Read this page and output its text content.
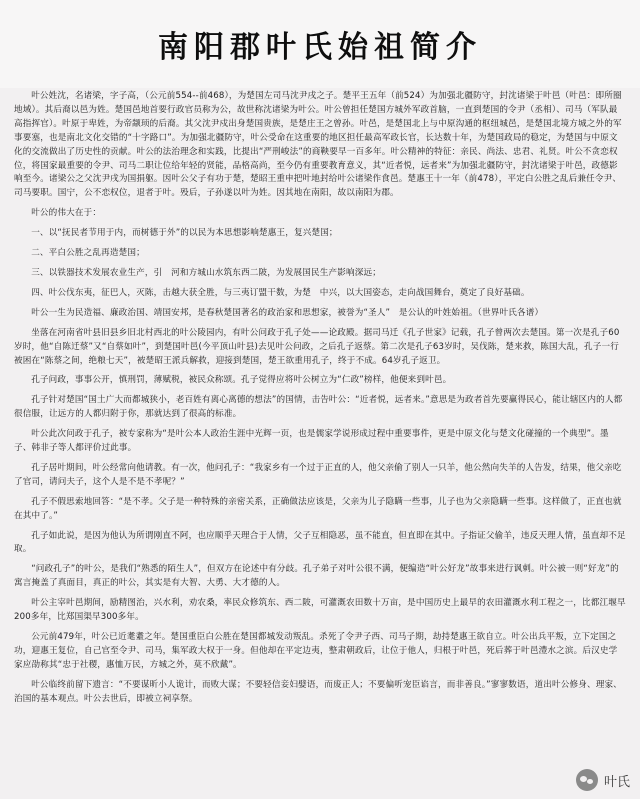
南阳郡叶氏始祖简介

叶公姓沈，名诸梁，字子高，（公元前554--前468），为楚国左司马沈尹戌之子。楚平王五年（前524）为加强北疆防守，封沈诸梁于叶邑（叶邑：即所圈地域）。其后裔以邑为姓。楚国邑地首要行政官员称为公，故世称沈诸梁为叶公。叶公曾担任楚国方城外军政首脑，一直到楚国的令尹（丞相）、司马（军队最高指挥官）。叶原于卑姓，为帝颛顼的后裔。其父沈尹戍出身楚国贵族，是楚庄王之曾孙。叶邑，是楚国北上与中原沟通的枢纽城邑，是楚国北境方城之外的军事要塞，也是南北文化交错的“十字路口”。为加强北疆防守，叶公受命在这重要的地区担任最高军政长官，长达数十年，为楚国政局的稳定，为楚国与中原文化的交流做出了历史性的贡献。叶公的法治理念和实践，比提出“严刑峻法”的商鞅要早一百多年。叶公精神的特征：亲民、尚法、忠君、礼贤。叶公不贪恋权位，将国家最重要的令尹、司马二职让位给年轻的贤能，品格高尚，至今仍有重要教育意义，其“近者悦，远者来”为加强北疆防守，封沈诸梁于叶邑，政德影响至今。诸梁公之父沈尹戌为国捐躯。因叶公父子有功于楚，楚昭王重申把叶地封给叶公诸梁作食邑。楚惠王十一年（前478），平定白公胜之乱后兼任令尹、司马要职。国宁，公不恋权位，退者于叶。殁后，子孙遂以叶为姓。因其地在南阳，故以南阳为郡。

叶公的伟大在于：

一、以“抚民者节用于内，而树德于外”的以民为本思想影响楚惠王，复兴楚国；

二、平白公胜之乱再造楚国；

三、以铁器技术发展农业生产，引　河和方城山水筑东西二陂，为发展国民生产影响深远；

四、叶公伐东夷，征巴人，灭陈，击越大获全胜，与三夷订盟干数，为楚　中兴，以大国姿态，走向战国舞台，奠定了良好基础。

叶公一生为民造福、廉政治国、靖国安邦，是春秋楚国著名的政治家和思想家，被誉为“圣人”　是公认的叶姓始祖。（世界叶氏各谱）

坐落在河南省叶县旧县乡旧北村西北的叶公陵园内，有叶公问政于孔子处——论政殿。据司马迁《孔子世家》记载，孔子曾两次去楚国。第一次是孔子60岁时，他“自陈迁蔡”又“自蔡如叶”，到楚国叶邑(今平顶山叶县)去见叶公问政，之后孔子返蔡。第二次是孔子63岁时，吴伐陈，楚来救，陈国大乱，孔子一行被困在“陈蔡之间，绝粮七天”，被楚昭王派兵解救，迎接到楚国，楚王欲重用孔子，终于不成。64岁孔子返卫。

孔子问政，事事公开，慎刑罚，薄赋税，被民众称颂。孔子觉得应将叶公树立为“仁政”榜样，他便来到叶邑。

孔子针对楚国“国土广大而都城狭小，老百姓有离心离德的想法”的国情，击告叶公：“近者悦，远者来。”意思是为政者首先要赢得民心，能让辖区内的人都很信服，让远方的人都归附于你，那就达到了很高的标准。

叶公此次问政于孔子，被专家称为“是叶公本人政治生涯中光辉一页，也是儒家学说形成过程中重要事件，更是中原文化与楚文化碰撞的一个典型”。墨子、韩非子等人都评价过此事。

孔子居叶期间，叶公经常向他请教。有一次，他问孔子：“我家乡有一个过于正直的人，他父亲偷了别人一只羊，他公然向失羊的人告发，结果，他父亲吃了官司，请问夫子，这个人是不是不孝呢？”

孔子不假思索地回答：“是不孝。父子是一种特殊的亲密关系，正确做法应该是，父亲为儿子隐瞒一些事，儿子也为父亲隐瞒一些事。这样做了，正直也就在其中了。”

孔子如此说，是因为他认为所谓刚直不阿，也应顺乎天理合于人情，父子互相隐恶，虽不能直，但直即在其中。子指证父偷羊，违反天理人情，虽直却不足取。

“问政孔子”的叶公，是我们“熟悉的陌生人”，但双方在论述中有分歧。孔子弟子对叶公很不满，便编造“叶公好龙”故事来进行讽刺。叶公被一则“好龙”的寓言掩盖了真面目，真正的叶公，其实是有大智、大勇、大才德的人。

叶公主宰叶邑期间，励精图治，兴水利，劝农桑，率民众修筑东、西二陂，可灌溉农田数十万亩，是中国历史上最早的农田灌溉水利工程之一，比都江堰早200多年，比郑国渠早300多年。

公元前479年，叶公已近耄耋之年。楚国重臣白公胜在楚国都城发动叛乱。杀死了令尹子西、司马子期，劫持楚惠王欲自立。叶公出兵平叛，立下定国之功，迎惠王复位，自己官至令尹、司马，集军政大权于一身。但他却在平定边夷，整肃朝政后，让位于他人，归根于叶邑，死后葬于叶邑澧水之滨。后汉史学家应劭称其“忠于社稷，惠恤万民，方城之外，莫不欣戴”。

叶公临终前留下遗言：“不要谋昕小人诡计，而败大谋；不要轻信妾妇嬖语，而废正人；不要偏听宠臣谄言，而非善良。”寥寥数语，道出叶公修身、理家、治国的基本观点。叶公去世后，即被立祠享祭。

叶氏
